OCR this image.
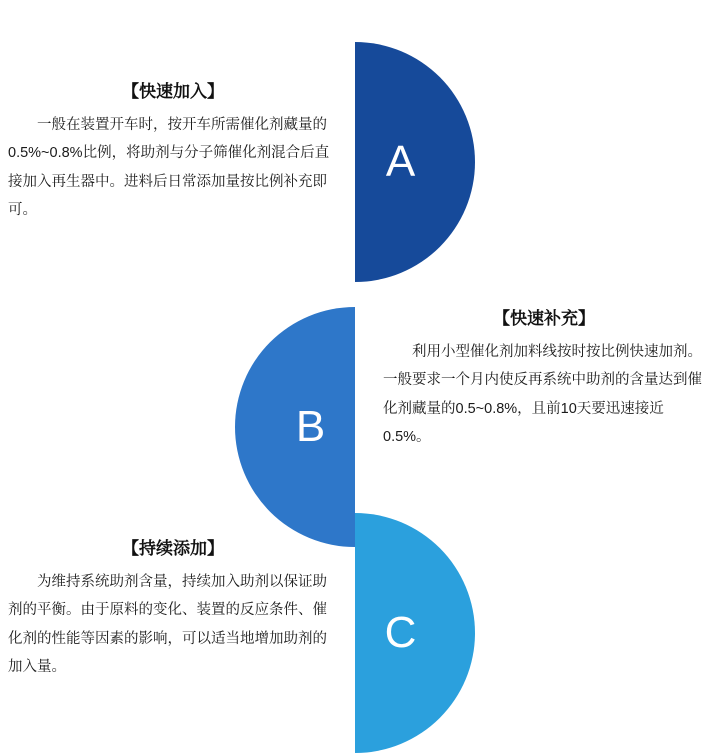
A
【快速加入】
一般在装置开车时，按开车所需催化剂藏量的0.5%~0.8%比例，将助剂与分子筛催化剂混合后直接加入再生器中。进料后日常添加量按比例补充即可。
B
【快速补充】
利用小型催化剂加料线按时按比例快速加剂。一般要求一个月内使反再系统中助剂的含量达到催化剂藏量的0.5~0.8%，且前10天要迅速接近0.5%。
C
【持续添加】
为维持系统助剂含量，持续加入助剂以保证助剂的平衡。由于原料的变化、装置的反应条件、催化剂的性能等因素的影响，可以适当地增加助剂的加入量。
